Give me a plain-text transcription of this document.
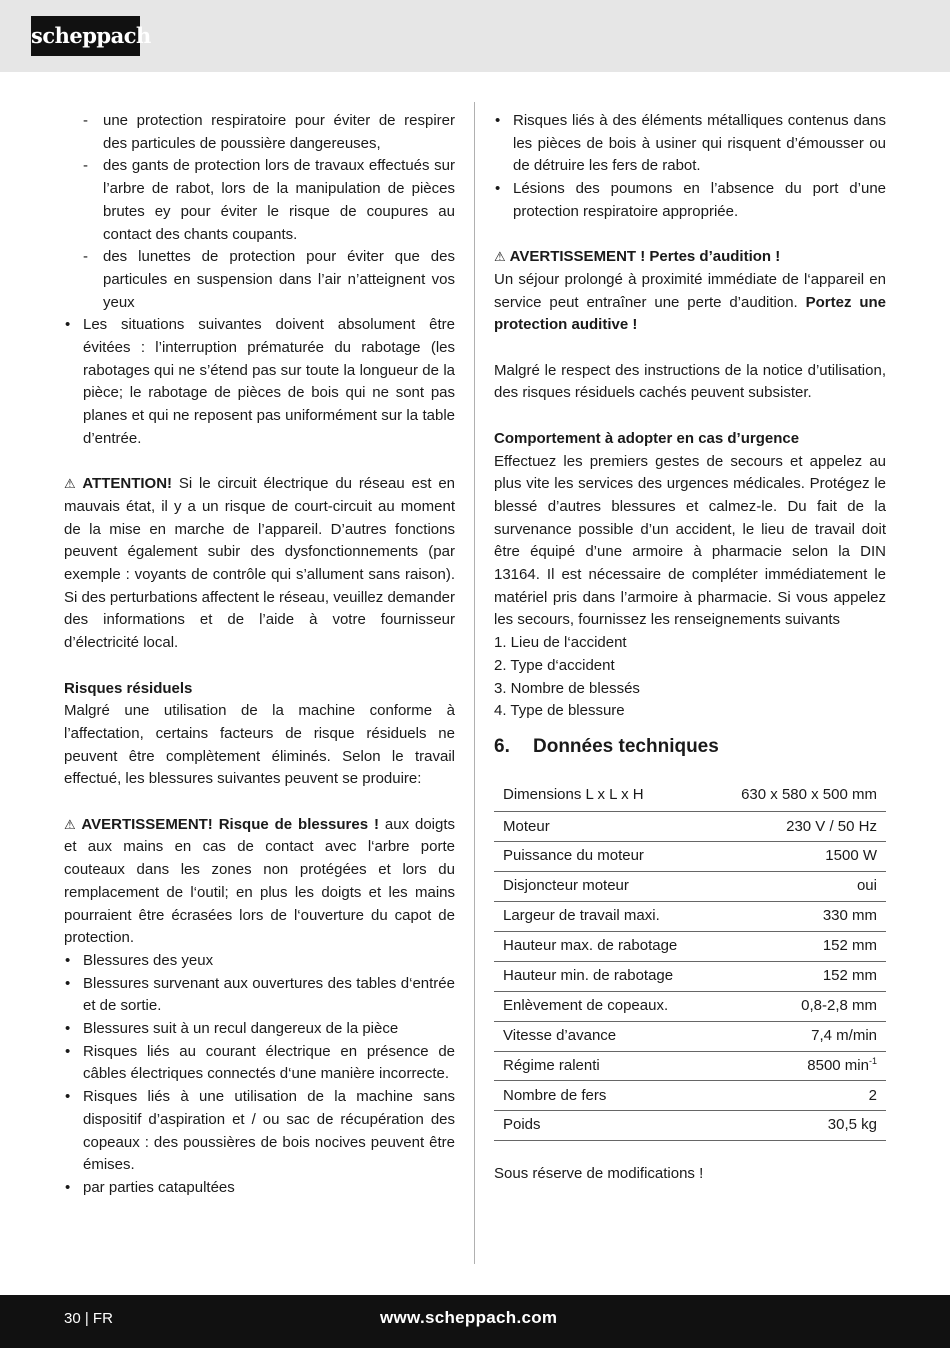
scheppach
- une protection respiratoire pour éviter de respirer des particules de poussière dangereuses,
- des gants de protection lors de travaux effectués sur l’arbre de rabot, lors de la manipulation de pièces brutes ey pour éviter le risque de coupures au contact des chants coupants.
- des lunettes de protection pour éviter que des particules en suspension dans l’air n’atteignent vos yeux
• Les situations suivantes doivent absolument être évitées : l’interruption prématurée du rabotage (les rabotages qui ne s’étend pas sur toute la longueur de la pièce; le rabotage de pièces de bois qui ne sont pas planes et qui ne reposent pas uniformément sur la table d’entrée.
⚠ ATTENTION! Si le circuit électrique du réseau est en mauvais état, il y a un risque de court-circuit au moment de la mise en marche de l’appareil. D’autres fonctions peuvent également subir des dysfonctionnements (par exemple : voyants de contrôle qui s’allument sans raison). Si des perturbations affectent le réseau, veuillez demander des informations et de l’aide à votre fournisseur d’électricité local.
Risques résiduels
Malgré une utilisation de la machine conforme à l’affectation, certains facteurs de risque résiduels ne peuvent être complètement éliminés. Selon le travail effectué, les blessures suivantes peuvent se produire:
⚠ AVERTISSEMENT! Risque de blessures ! aux doigts et aux mains en cas de contact avec l‘arbre porte couteaux dans les zones non protégées et lors du remplacement de l‘outil; en plus les doigts et les mains pourraient être écrasées lors de l‘ouverture du capot de protection.
• Blessures des yeux
• Blessures survenant aux ouvertures des tables d‘entrée et de sortie.
• Blessures suit à un recul dangereux de la pièce
• Risques liés au courant électrique en présence de câbles électriques connectés d‘une manière incorrecte.
• Risques liés à une utilisation de la machine sans dispositif d’aspiration et / ou sac de récupération des copeaux : des poussières de bois nocives peuvent être émises.
• par parties catapultées
• Risques liés à des éléments métalliques contenus dans les pièces de bois à usiner qui risquent d’émousser ou de détruire les fers de rabot.
• Lésions des poumons en l’absence du port d’une protection respiratoire appropriée.
⚠ AVERTISSEMENT ! Pertes d’audition !
Un séjour prolongé à proximité immédiate de l‘appareil en service peut entraîner une perte d’audition. Portez une protection auditive !
Malgré le respect des instructions de la notice d’utilisation, des risques résiduels cachés peuvent subsister.
Comportement à adopter en cas d’urgence
Effectuez les premiers gestes de secours et appelez au plus vite les services des urgences médicales. Protégez le blessé d’autres blessures et calmez-le. Du fait de la survenance possible d’un accident, le lieu de travail doit être équipé d’une armoire à pharmacie selon la DIN 13164. Il est nécessaire de compléter immédiatement le matériel pris dans l’armoire à pharmacie. Si vous appelez les secours, fournissez les renseignements suivants
1. Lieu de l‘accident
2. Type d‘accident
3. Nombre de blessés
4. Type de blessure
6. Données techniques
Dimensions L x L x H	630 x 580 x 500 mm
Moteur	230 V / 50 Hz
Puissance du moteur	1500 W
Disjoncteur moteur	oui
Largeur de travail maxi.	330 mm
Hauteur max. de rabotage	152 mm
Hauteur min. de rabotage	152 mm
Enlèvement de copeaux.	0,8-2,8 mm
Vitesse d’avance	7,4 m/min
Régime ralenti	8500 $\min^{-1}$
Nombre de fers	2
Poids	30,5 kg
Sous réserve de modifications !
30 | FR	www.scheppach.com
